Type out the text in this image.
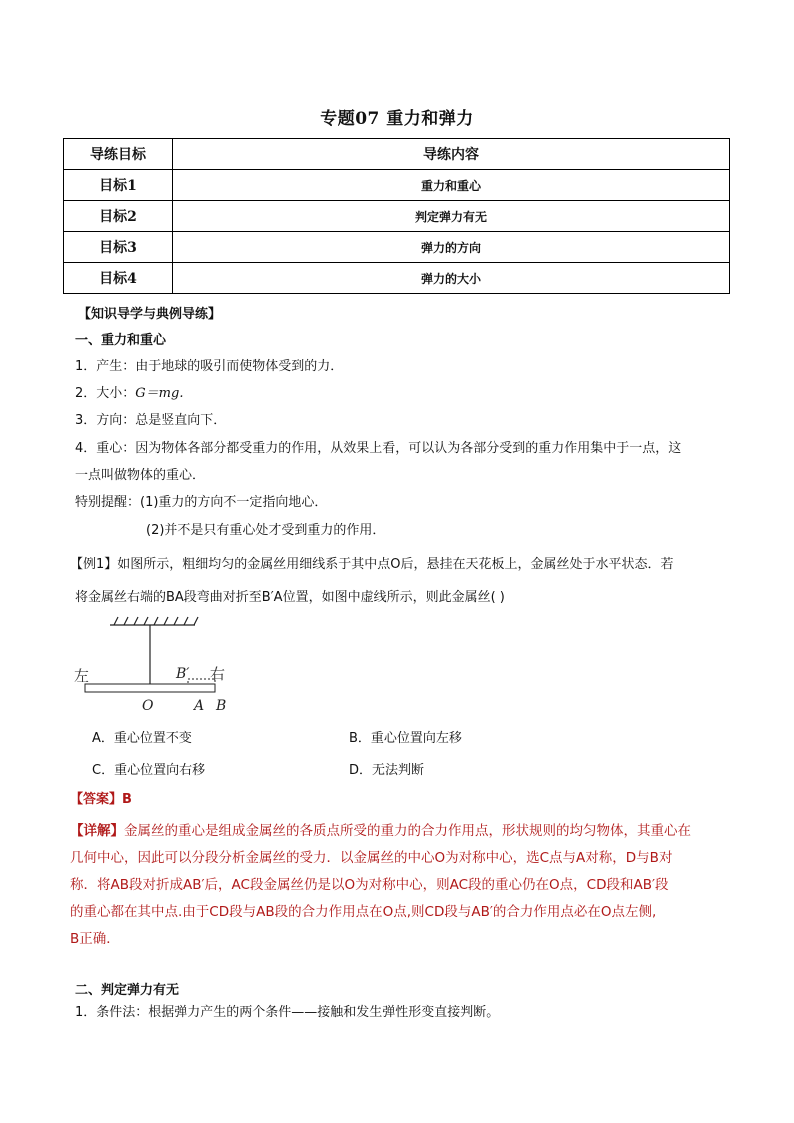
专题07 重力和弹力
导练目标	导练内容
目标1	重力和重心
目标2	判定弹力有无
目标3	弹力的方向
目标4	弹力的大小
【知识导学与典例导练】
一、重力和重心
1．产生：由于地球的吸引而使物体受到的力．
2．大小：G＝mg.
3．方向：总是竖直向下．
4．重心：因为物体各部分都受重力的作用，从效果上看，可以认为各部分受到的重力作用集中于一点，这
一点叫做物体的重心．
特别提醒：(1)重力的方向不一定指向地心．
(2)并不是只有重心处才受到重力的作用．
【例1】如图所示，粗细均匀的金属丝用细线系于其中点O后，悬挂在天花板上，金属丝处于水平状态．若
将金属丝右端的BA段弯曲对折至B′A位置，如图中虚线所示，则此金属丝( )
左	右
B′
O	A B
A．重心位置不变	B．重心位置向左移
C．重心位置向右移	D．无法判断
【答案】B
【详解】金属丝的重心是组成金属丝的各质点所受的重力的合力作用点，形状规则的均匀物体，其重心在
几何中心，因此可以分段分析金属丝的受力．以金属丝的中心O为对称中心，选C点与A对称，D与B对
称．将AB段对折成AB′后，AC段金属丝仍是以O为对称中心，则AC段的重心仍在O点，CD段和AB′段
的重心都在其中点.由于CD段与AB段的合力作用点在O点,则CD段与AB′的合力作用点必在O点左侧,
B正确．
二、判定弹力有无
1．条件法：根据弹力产生的两个条件——接触和发生弹性形变直接判断。
